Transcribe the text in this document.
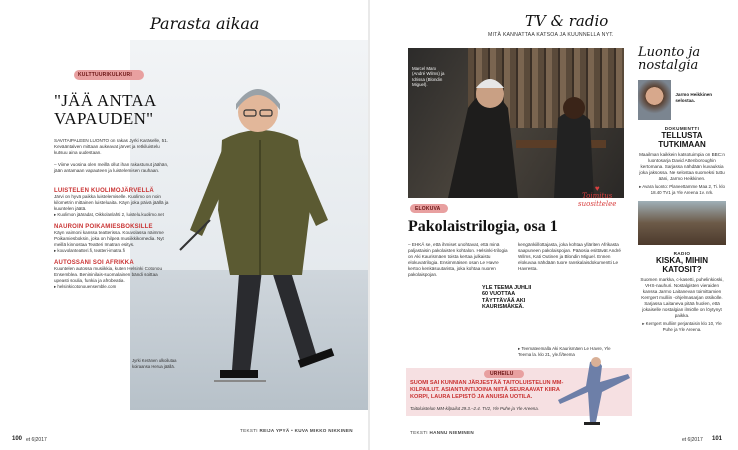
Parasta aikaa
Jyrki Keränen ulkoilutaa koiraansa Herua jäällä.
KULTTUURIKULKURI
"JÄÄ ANTAA VAPAUDEN"
SAVITAIPALEEN LUONTO on rakas Jyrki Karäselle, 51. Kevääntalven mittaan aukeavat järvet ja retkiluistelu kutsuu aina uudestaan.
– Viime vuosina olen meillä ollut ihan rakastunut jäähän, jään antamaan vapauteen ja luistelemisen rauhaan.
LUISTELEN KUOLIMOJÄRVELLÄ
Järvi on hyvä paikka luistelemiselle. Kuolimo on noin kilometrin mittainen luisteluaita. Käyn joka päivä jäällä ja kuuntelen jäätä.
▸ Kuolimon jääradat, Oikkolanlahti 2, luistelu.kuolimo.net
NAUROIN POIKAMIESBOKSILLE
Käyn vaimoni kanssa teatterissa. Kouvolassa näimme Poikamiesboksin, joka on hilpeä musiikkikomedia. Nyt meillä kinnostaa Teatteri Imatran esitys.
▸ kouvolanteatteri.fi, teatteri-imatra.fi
AUTOSSANI SOI AFRIKKA
Kuuntelen autossa musiikkia, kuten Helsinki Cotonou Ensemblea. Benininilais-suomalainen bändi soittaa upeasti soulia, funkia ja afrobeatia.
▸ helsinkicotonouensemble.com
TEKSTI REIJA YPYÄ • KUVA MIKKO NIKKINEN
100 et 6|2017
TV & radio
MITÄ KANNATTAA KATSOA JA KUUNNELLA NYT.
Marcel Marx (André Wilms) ja Idrissa (Blondin Miguel).
♥
Toimitus
suosittelee
ELOKUVA
Pakolaistrilogia, osa 1
– EHKÄ se, että ihmiset unohtavat, että minä paljastaisin pakolaisten kohtalon. Helsinki-trilogia on Aki Kaurismäen toista kertaa julkaistu elokuvatrilogia. Ensimmäisen osan Le Havre kertoo kenkäsuutarista, joka kohtaa nuoren pakolaispojan.
YLE TEEMA JUHLII 60 VUOTTAA TÄYTTÄVÄÄ AKI KAURISMÄKEÄ.
kengänkiillottajasta, joka kohtaa ylläriten Afrikasta saapuneen pakolaispojan. Pääosia esittävät André Wilms, Kati Outinen ja Blondin Miguel. Ennen elokuvaa nähdään tuore ranskalaisdokumentti Le Havresta.
▸ Teemateemalla Aki Kaurismäen Le Havre, Yle Teema la. klo 21, yle.fi/teema
URHEILU
SUOMI SAI KUNNIAN JÄRJESTÄÄ TAITOLUISTELUN MM-KILPAILUT. ASIANTUNTIJOINA NIITÄ SEURAAVAT KIIRA KORPI, LAURA LEPISTÖ JA ANUISIA UOTILA.
Taitoluistelun MM-kilpailut 29.3.–2.4. TV2, Yle Puhe ja Yle Areena.
Luonto ja nostalgia
Jarmo Heikkinen selostaa.
DOKUMENTTI
TELLUSTA TUTKIMAAN
Maailman kaikkein katsotuimpia on BBC:n luontosarja David Attenboroughin kertomana. Sarjassa nähdään kuvauksia joka jaksossa. Ne selostaa suomeksi tuttu ääni, Jarmo Heikkinen.
▸ Avara luonto: Planeettamme Maa 2, Ti. klo 18.40 TV1 ja Yle Areena 1v. nrk.
RADIO
KISKA, MIHIN KATOSIT?
Suomen markka, c-kasetti, puhelinkioski, VHS-nauhuri. Nostalgisten vieraiden kanssa Jarmo Laitanevan toimittamien Kerrgert mulliin -ohjelmasarjan otsikolle. Sarjassa Laitaneva pitää huolen, että jokaiselle nostalgian ilmiölle on löytynyt paikka.
▸ Kerrgert mulliin! perjantaisin klo 10, Yle Puhe ja Yle Areena.
TEKSTI HANNU NIEMINEN
et 6|2017 101
